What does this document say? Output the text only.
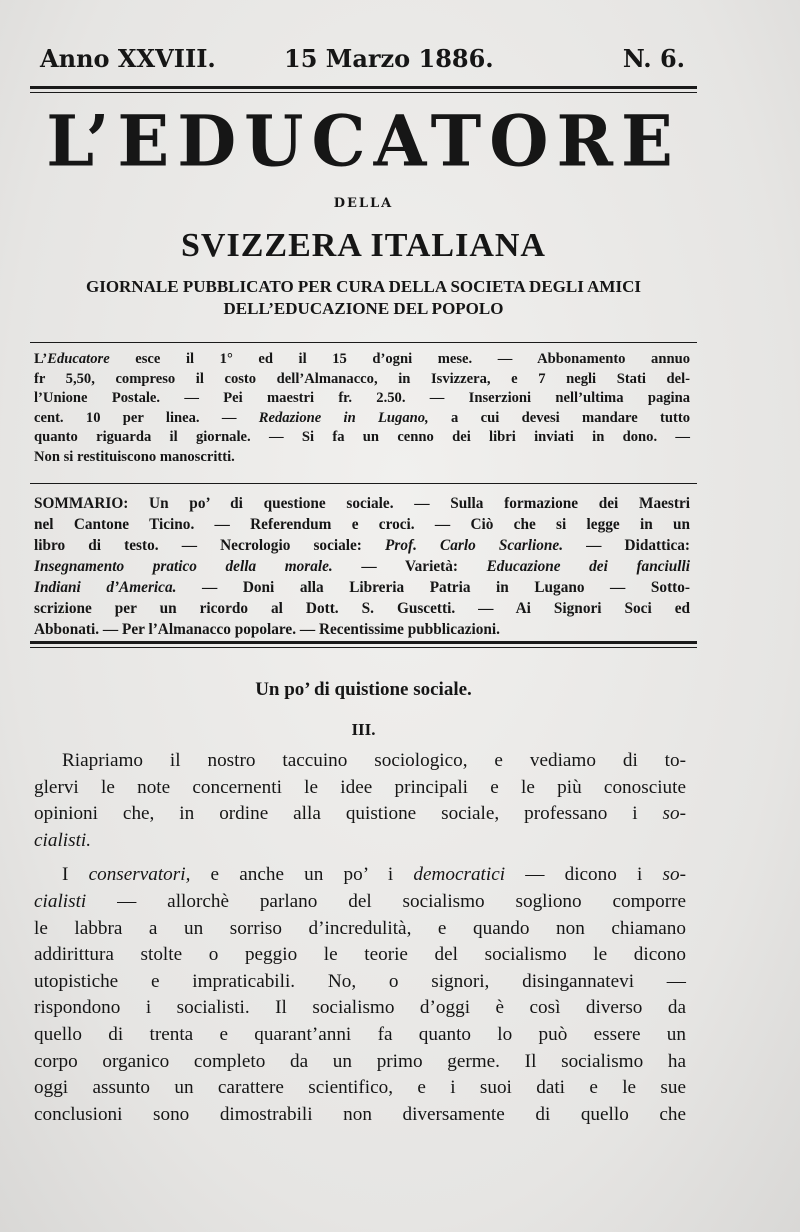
Anno XXVIII.	15 Marzo 1886.	N. 6.
L’EDUCATORE
DELLA
SVIZZERA ITALIANA
GIORNALE PUBBLICATO PER CURA DELLA SOCIETA DEGLI AMICI
DELL’EDUCAZIONE DEL POPOLO
L’Educatore esce il 1° ed il 15 d’ogni mese. — Abbonamento annuo
fr 5,50, compreso il costo dell’Almanacco, in Isvizzera, e 7 negli Stati del-
l’Unione Postale. — Pei maestri fr. 2.50. — Inserzioni nell’ultima pagina
cent. 10 per linea. — Redazione in Lugano, a cui devesi mandare tutto
quanto riguarda il giornale. — Si fa un cenno dei libri inviati in dono. —
Non si restituiscono manoscritti.
SOMMARIO: Un po’ di questione sociale. — Sulla formazione dei Maestri
nel Cantone Ticino. — Referendum e croci. — Ciò che si legge in un
libro di testo. — Necrologio sociale: Prof. Carlo Scarlione. — Didattica:
Insegnamento pratico della morale. — Varietà: Educazione dei fanciulli
Indiani d’America. — Doni alla Libreria Patria in Lugano — Sotto-
scrizione per un ricordo al Dott. S. Guscetti. — Ai Signori Soci ed
Abbonati. — Per l’Almanacco popolare. — Recentissime pubblicazioni.
Un po’ di quistione sociale.
III.
Riapriamo il nostro taccuino sociologico, e vediamo di to-
glervi le note concernenti le idee principali e le più conosciute
opinioni che, in ordine alla quistione sociale, professano i so-
cialisti.
I conservatori, e anche un po’ i democratici — dicono i so-
cialisti — allorchè parlano del socialismo sogliono comporre
le labbra a un sorriso d’incredulità, e quando non chiamano
addirittura stolte o peggio le teorie del socialismo le dicono
utopistiche e impraticabili. No, o signori, disingannatevi —
rispondono i socialisti. Il socialismo d’oggi è così diverso da
quello di trenta e quarant’anni fa quanto lo può essere un
corpo organico completo da un primo germe. Il socialismo ha
oggi assunto un carattere scientifico, e i suoi dati e le sue
conclusioni sono dimostrabili non diversamente di quello che
